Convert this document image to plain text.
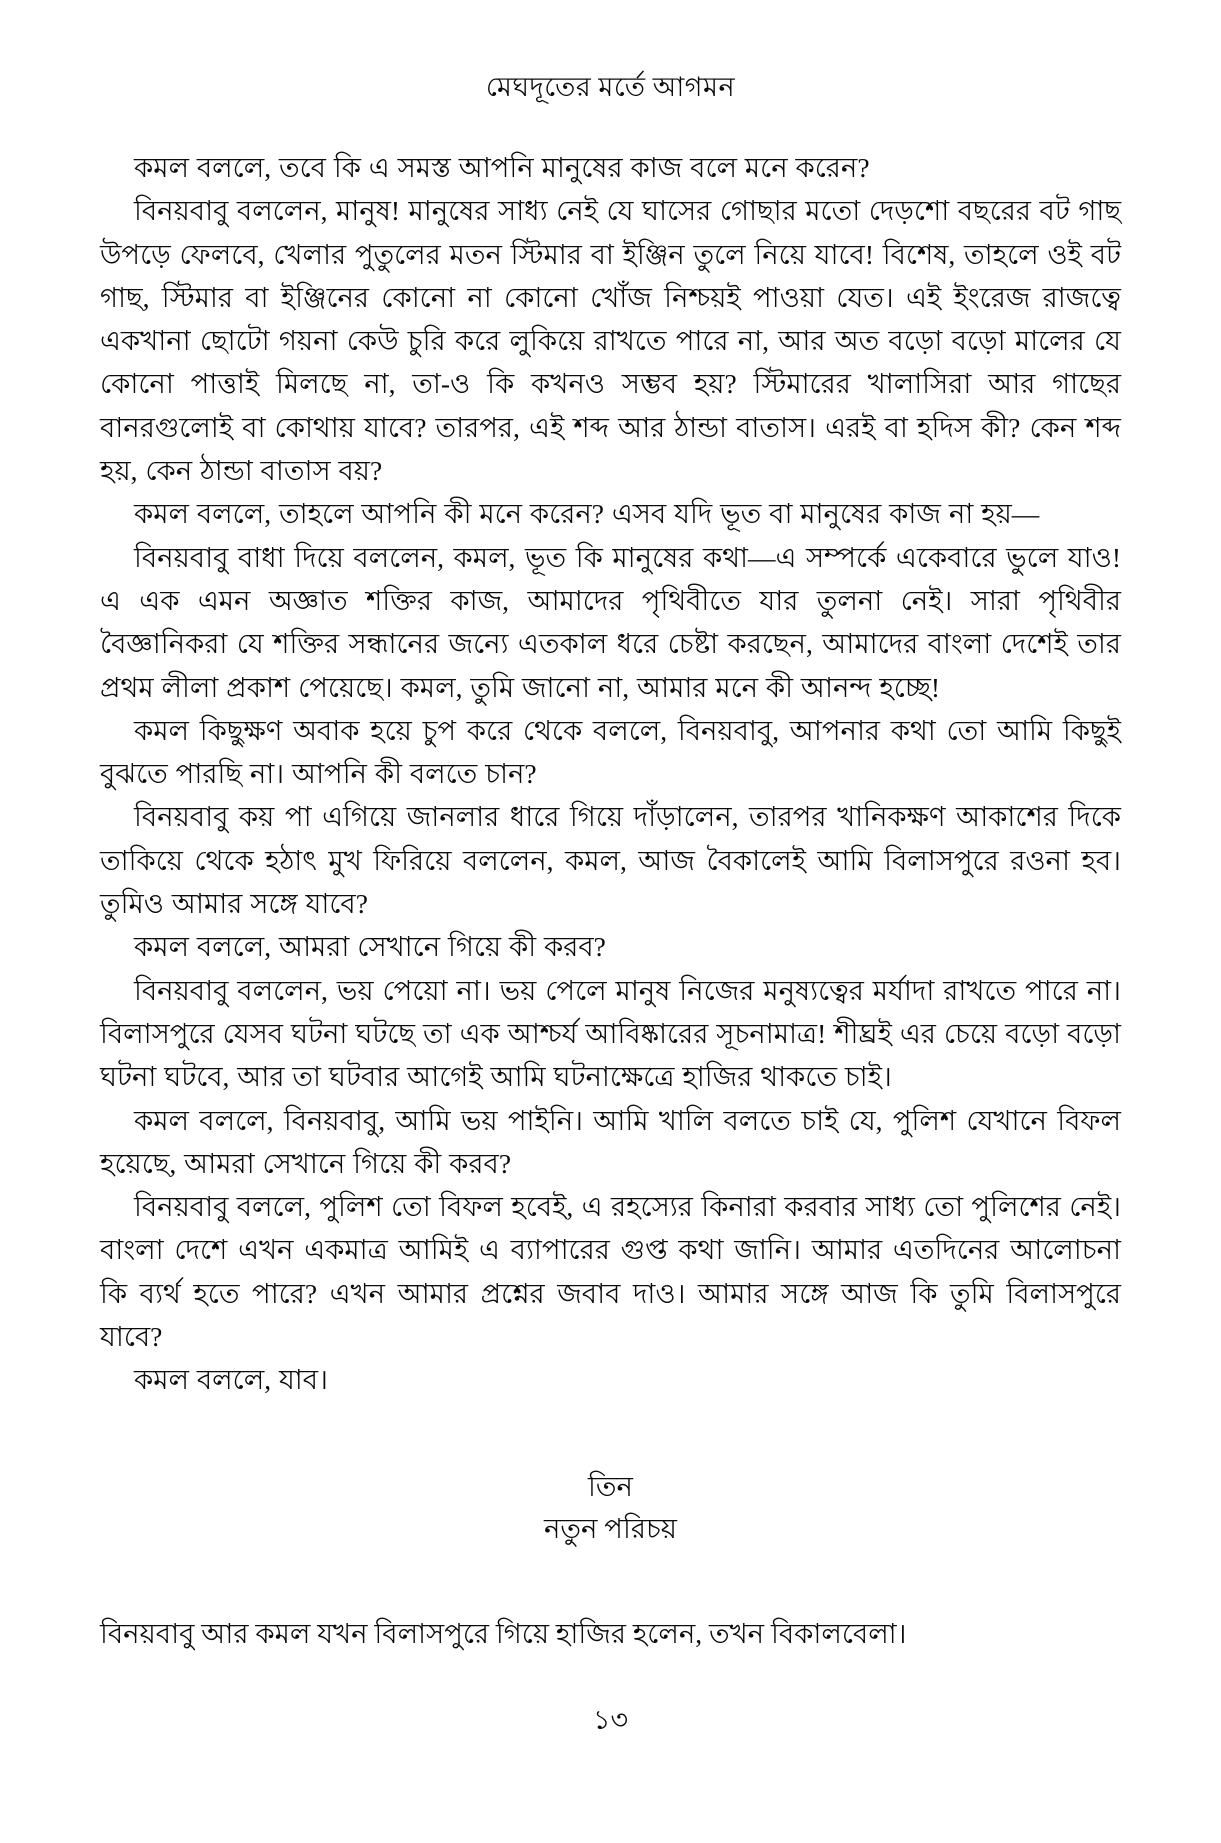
মেঘদূতের মর্তে আগমন

কমল বললে, তবে কি এ সমস্ত আপনি মানুষের কাজ বলে মনে করেন?

বিনয়বাবু বললেন, মানুষ! মানুষের সাধ্য নেই যে ঘাসের গোছার মতো দেড়শো বছরের বট গাছ উপড়ে ফেলবে, খেলার পুতুলের মতন স্টিমার বা ইঞ্জিন তুলে নিয়ে যাবে! বিশেষ, তাহলে ওই বট গাছ, স্টিমার বা ইঞ্জিনের কোনো না কোনো খোঁজ নিশ্চয়ই পাওয়া যেত। এই ইংরেজ রাজত্বে একখানা ছোটো গয়না কেউ চুরি করে লুকিয়ে রাখতে পারে না, আর অত বড়ো বড়ো মালের যে কোনো পাত্তাই মিলছে না, তা-ও কি কখনও সম্ভব হয়? স্টিমারের খালাসিরা আর গাছের বানরগুলোই বা কোথায় যাবে? তারপর, এই শব্দ আর ঠান্ডা বাতাস। এরই বা হদিস কী? কেন শব্দ হয়, কেন ঠান্ডা বাতাস বয়?

কমল বললে, তাহলে আপনি কী মনে করেন? এসব যদি ভূত বা মানুষের কাজ না হয়—

বিনয়বাবু বাধা দিয়ে বললেন, কমল, ভূত কি মানুষের কথা—এ সম্পর্কে একেবারে ভুলে যাও! এ এক এমন অজ্ঞাত শক্তির কাজ, আমাদের পৃথিবীতে যার তুলনা নেই। সারা পৃথিবীর বৈজ্ঞানিকরা যে শক্তির সন্ধানের জন্যে এতকাল ধরে চেষ্টা করছেন, আমাদের বাংলা দেশেই তার প্রথম লীলা প্রকাশ পেয়েছে। কমল, তুমি জানো না, আমার মনে কী আনন্দ হচ্ছে!

কমল কিছুক্ষণ অবাক হয়ে চুপ করে থেকে বললে, বিনয়বাবু, আপনার কথা তো আমি কিছুই বুঝতে পারছি না। আপনি কী বলতে চান?

বিনয়বাবু কয় পা এগিয়ে জানলার ধারে গিয়ে দাঁড়ালেন, তারপর খানিকক্ষণ আকাশের দিকে তাকিয়ে থেকে হঠাৎ মুখ ফিরিয়ে বললেন, কমল, আজ বৈকালেই আমি বিলাসপুরে রওনা হব। তুমিও আমার সঙ্গে যাবে?

কমল বললে, আমরা সেখানে গিয়ে কী করব?

বিনয়বাবু বললেন, ভয় পেয়ো না। ভয় পেলে মানুষ নিজের মনুষ্যত্বের মর্যাদা রাখতে পারে না। বিলাসপুরে যেসব ঘটনা ঘটছে তা এক আশ্চর্য আবিষ্কারের সূচনামাত্র! শীঘ্রই এর চেয়ে বড়ো বড়ো ঘটনা ঘটবে, আর তা ঘটবার আগেই আমি ঘটনাক্ষেত্রে হাজির থাকতে চাই।

কমল বললে, বিনয়বাবু, আমি ভয় পাইনি। আমি খালি বলতে চাই যে, পুলিশ যেখানে বিফল হয়েছে, আমরা সেখানে গিয়ে কী করব?

বিনয়বাবু বললে, পুলিশ তো বিফল হবেই, এ রহস্যের কিনারা করবার সাধ্য তো পুলিশের নেই। বাংলা দেশে এখন একমাত্র আমিই এ ব্যাপারের গুপ্ত কথা জানি। আমার এতদিনের আলোচনা কি ব্যর্থ হতে পারে? এখন আমার প্রশ্নের জবাব দাও। আমার সঙ্গে আজ কি তুমি বিলাসপুরে যাবে?

কমল বললে, যাব।

তিন
নতুন পরিচয়

বিনয়বাবু আর কমল যখন বিলাসপুরে গিয়ে হাজির হলেন, তখন বিকালবেলা।

১৩
